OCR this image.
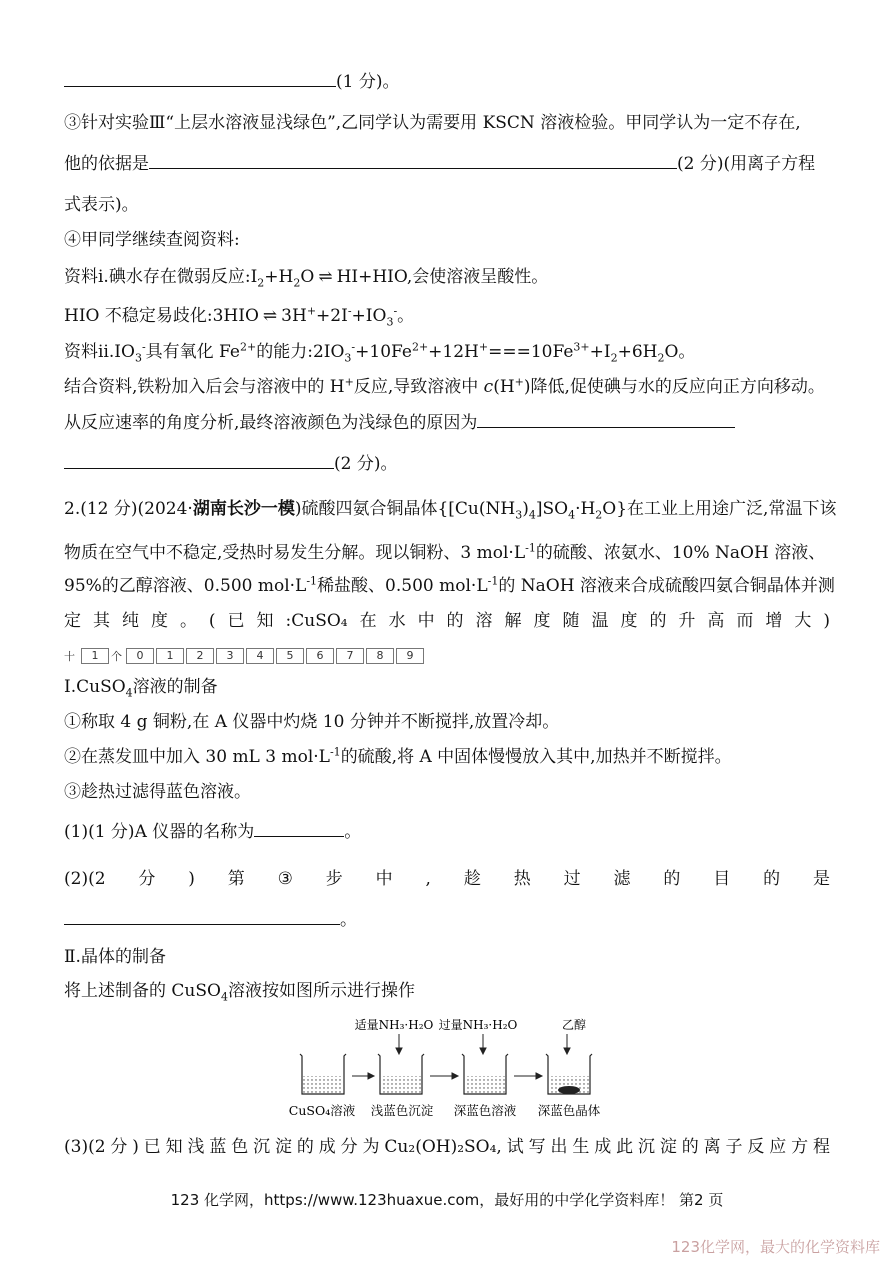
(1 分)。
③针对实验Ⅲ“上层水溶液显浅绿色”,乙同学认为需要用 KSCN 溶液检验。甲同学认为一定不存在,
他的依据是	(2 分)(用离子方程
式表示)。
④甲同学继续查阅资料:
资料ⅰ.碘水存在微弱反应$:I_2+H_2O$ ⇌ HI+HIO,会使溶液呈酸性。
HIO 不稳定易歧化:3HIO ⇌ $3H^++2I^-+IO_3^-$。
资料$ⅱ.IO_3^-$具有氧化 $Fe^{2+}$的能力$:2IO_3^-+10Fe^{2+}+12H^+===10Fe^{3+}+I_2+6H_2O$。
结合资料,铁粉加入后会与溶液中的 H+反应,导致溶液中 c(H+)降低,促使碘与水的反应向正方向移动。
从反应速率的角度分析,最终溶液颜色为浅绿色的原因为
(2 分)。
2.(12 分)(2024·湖南长沙一模)硫酸四氨合铜晶体$\{[Cu(NH_3)_4]SO_4\cdot H_2O\}$在工业上用途广泛,常温下该
物质在空气中不稳定,受热时易发生分解。现以铜粉、3 $mol\cdot L^{-1}$的硫酸、浓氨水、10% NaOH 溶液、
95%的乙醇溶液、0.500 $mol\cdot L^{-1}$稀盐酸、0.500 $mol\cdot L^{-1}$的 NaOH 溶液来合成硫酸四氨合铜晶体并测
定 其 纯 度 。 ( 已 知 :CuSO₄ 在 水 中 的 溶 解 度 随 温 度 的 升 高 而 增 大 )
十	1	个	0	1	2	3	4	5	6	7	8	9
Ⅰ.CuSO$_4$溶液的制备
①称取 4 g 铜粉,在 A 仪器中灼烧 10 分钟并不断搅拌,放置冷却。
②在蒸发皿中加入 30 mL 3 $mol\cdot L^{-1}$的硫酸,将 A 中固体慢慢放入其中,加热并不断搅拌。
③趁热过滤得蓝色溶液。
(1)(1 分)A 仪器的名称为	。
(2)(2 分 ) 第 ③ 步 中 , 趁 热 过 滤 的 目 的 是
。
Ⅱ.晶体的制备
将上述制备的 CuSO$_4$溶液按如图所示进行操作
适量NH₃·H₂O 过量NH₃·H₂O	乙醇
CuSO₄溶液 浅蓝色沉淀 深蓝色溶液 深蓝色晶体
(3)(2 分 ) 已 知 浅 蓝 色 沉 淀 的 成 分 为 Cu₂(OH)₂SO₄, 试 写 出 生 成 此 沉 淀 的 离 子 反 应 方 程
123 化学网，https://www.123huaxue.com，最好用的中学化学资料库！ 第2 页
123化学网，最大的化学资料库
